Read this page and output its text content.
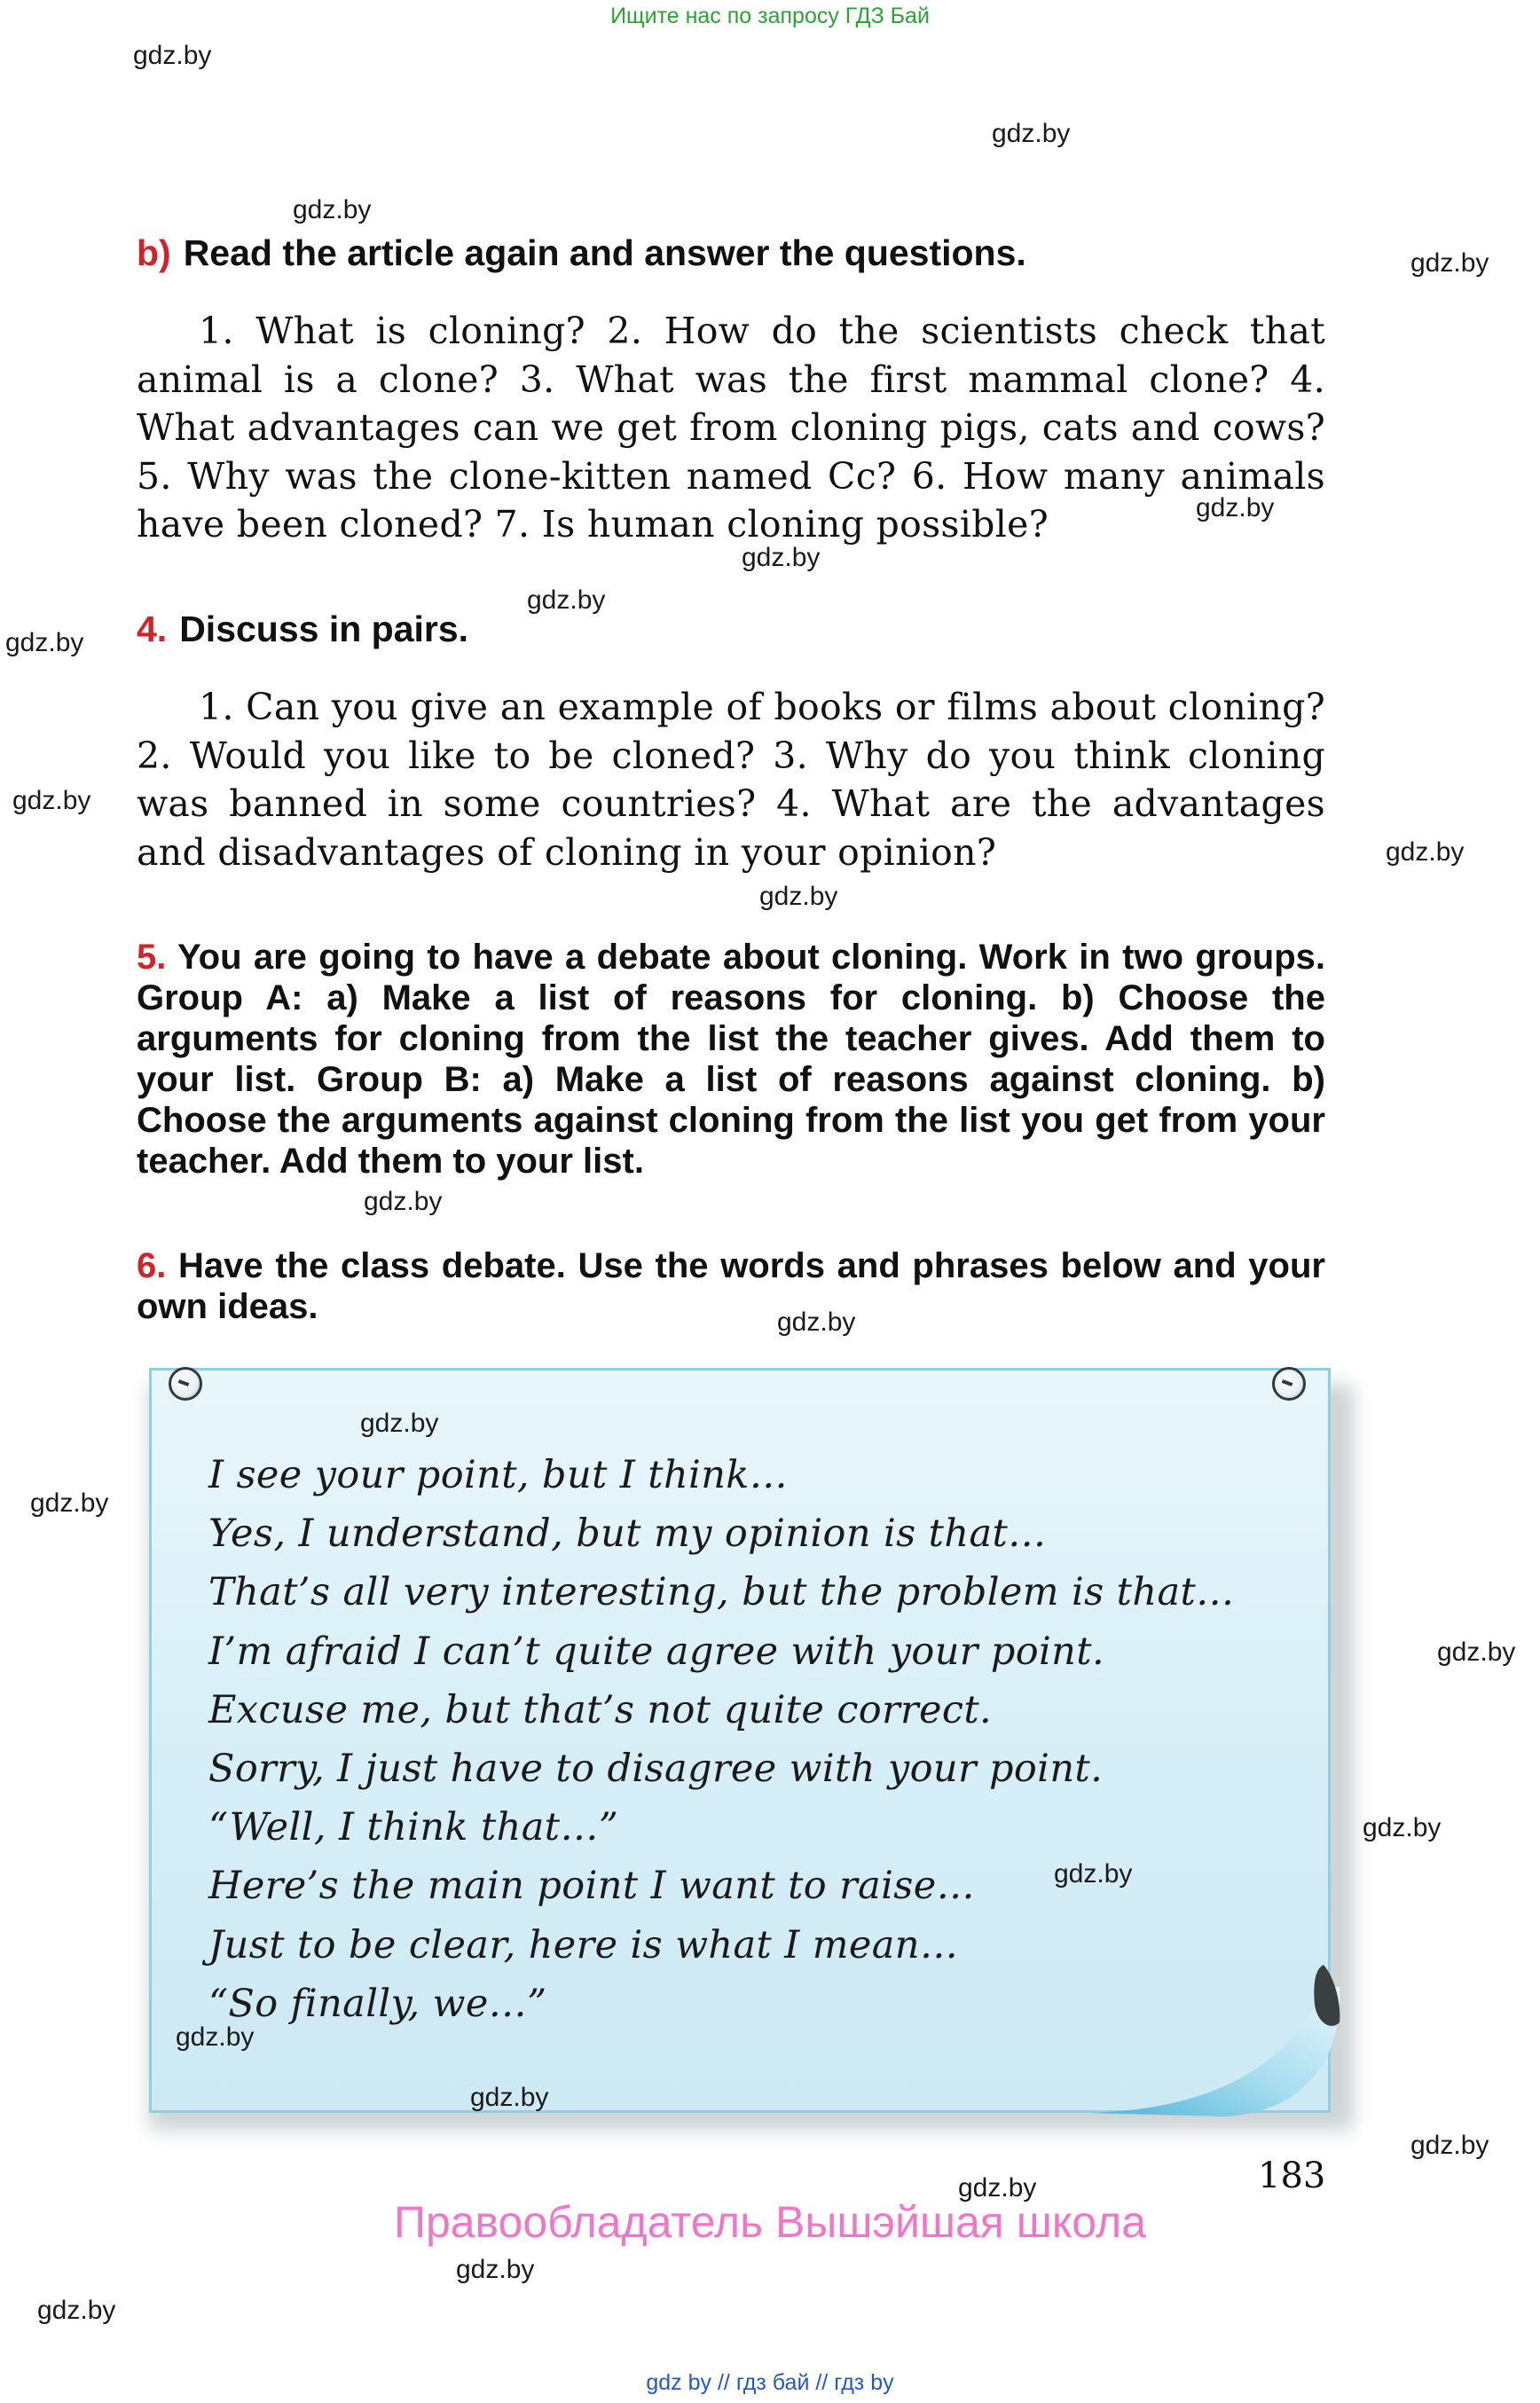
Ищите нас по запросу ГДЗ Бай
b) Read the article again and answer the questions.
1. What is cloning? 2. How do the scientists check that animal is a clone? 3. What was the first mammal clone? 4. What advantages can we get from cloning pigs, cats and cows? 5. Why was the clone-kitten named Cc? 6. How many animals have been cloned? 7. Is human cloning possible?
4. Discuss in pairs.
1. Can you give an example of books or films about cloning? 2. Would you like to be cloned? 3. Why do you think cloning was banned in some countries? 4. What are the advantages and disadvantages of cloning in your opinion?
5. You are going to have a debate about cloning. Work in two groups. Group A: a) Make a list of reasons for cloning. b) Choose the arguments for cloning from the list the teacher gives. Add them to your list. Group B: a) Make a list of reasons against cloning. b) Choose the arguments against cloning from the list you get from your teacher. Add them to your list.
6. Have the class debate. Use the words and phrases below and your own ideas.
I see your point, but I think…
Yes, I understand, but my opinion is that…
That’s all very interesting, but the problem is that…
I’m afraid I can’t quite agree with your point.
Excuse me, but that’s not quite correct.
Sorry, I just have to disagree with your point.
“Well, I think that…”
Here’s the main point I want to raise…
Just to be clear, here is what I mean…
“So finally, we…”
183
Правообладатель Вышэйшая школа
gdz by // гдз бай // гдз by
gdz.by
gdz.by
gdz.by
gdz.by
gdz.by
gdz.by
gdz.by
gdz.by
gdz.by
gdz.by
gdz.by
gdz.by
gdz.by
gdz.by
gdz.by
gdz.by
gdz.by
gdz.by
gdz.by
gdz.by
gdz.by
gdz.by
gdz.by
gdz.by
